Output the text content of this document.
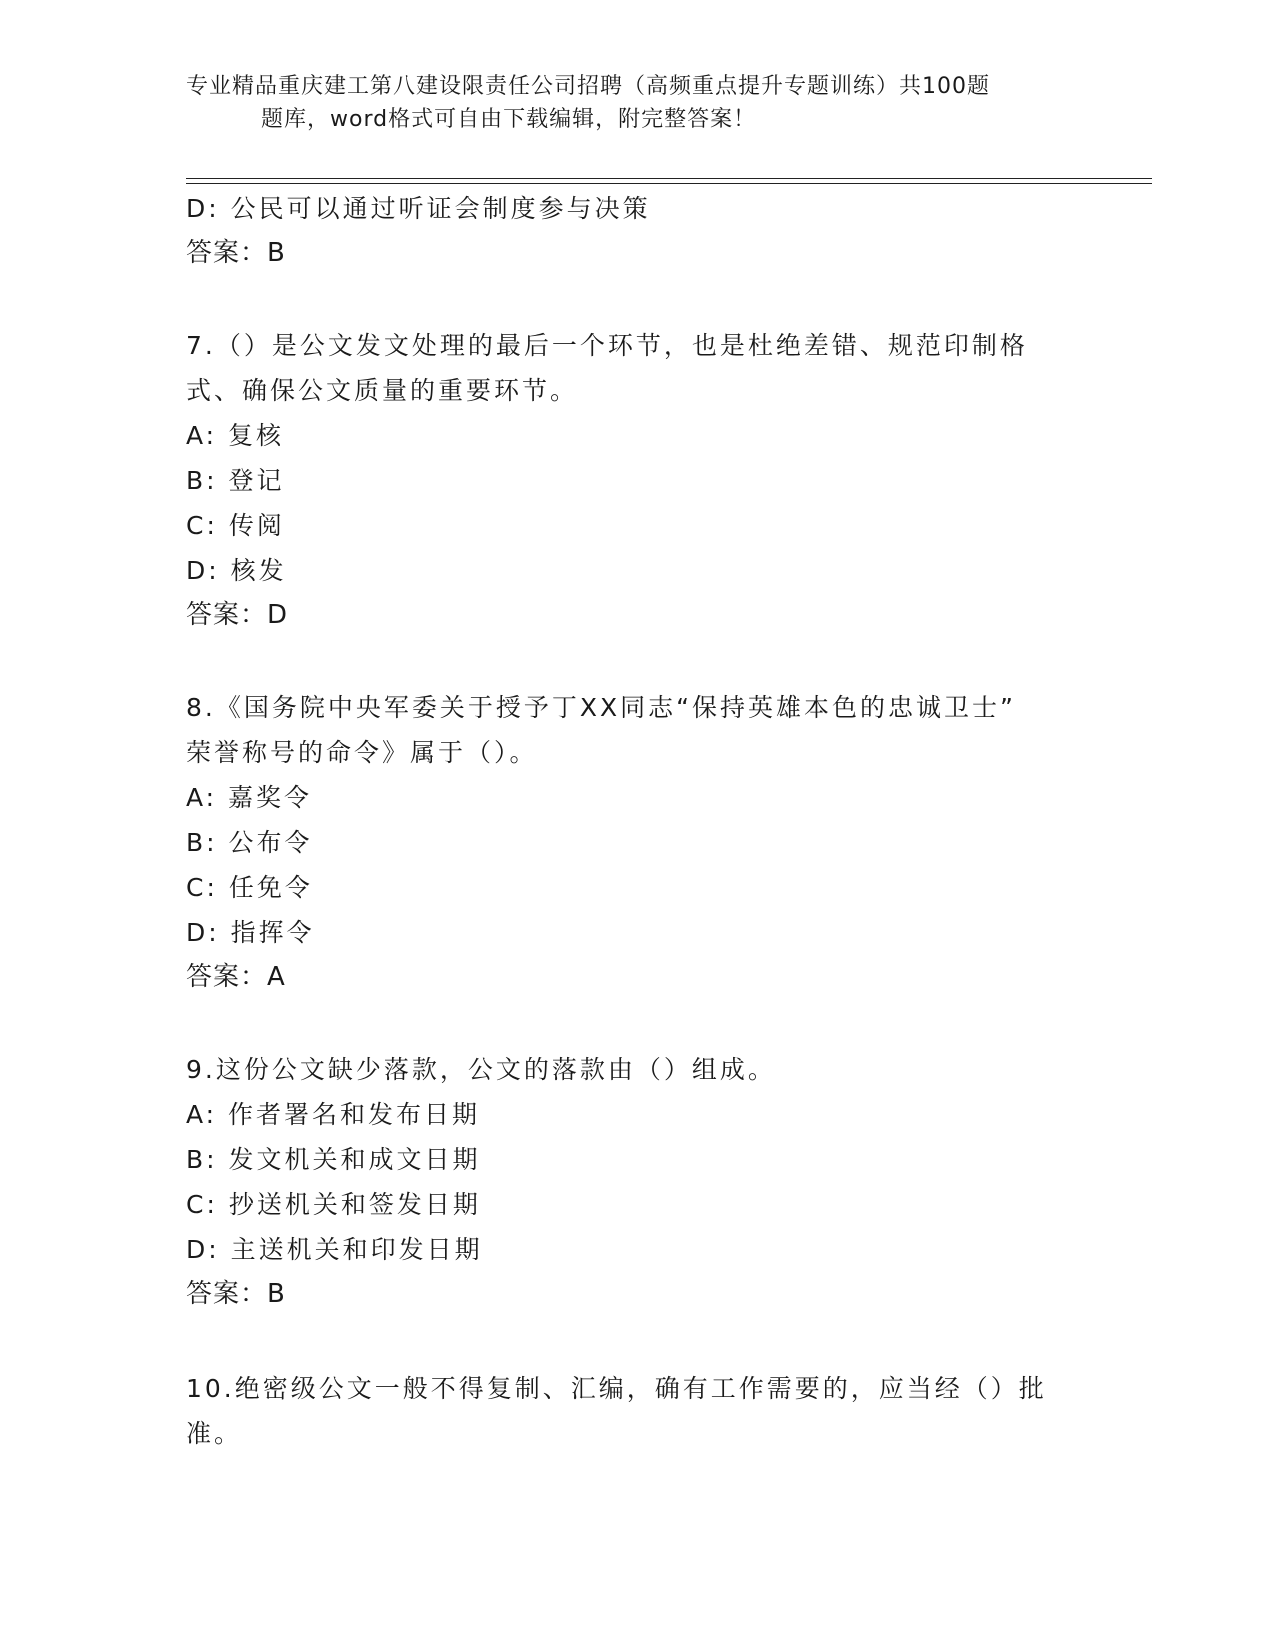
专业精品重庆建工第八建设限责任公司招聘（高频重点提升专题训练）共100题
题库，word格式可自由下载编辑，附完整答案！
D: 公民可以通过听证会制度参与决策
答案：B
7.（）是公文发文处理的最后一个环节，也是杜绝差错、规范印制格
式、确保公文质量的重要环节。
A: 复核
B: 登记
C: 传阅
D: 核发
答案：D
8.《国务院中央军委关于授予丁XX同志“保持英雄本色的忠诚卫士”
荣誉称号的命令》属于（）。
A: 嘉奖令
B: 公布令
C: 任免令
D: 指挥令
答案：A
9.这份公文缺少落款，公文的落款由（）组成。
A: 作者署名和发布日期
B: 发文机关和成文日期
C: 抄送机关和签发日期
D: 主送机关和印发日期
答案：B
10.绝密级公文一般不得复制、汇编，确有工作需要的，应当经（）批
准。
